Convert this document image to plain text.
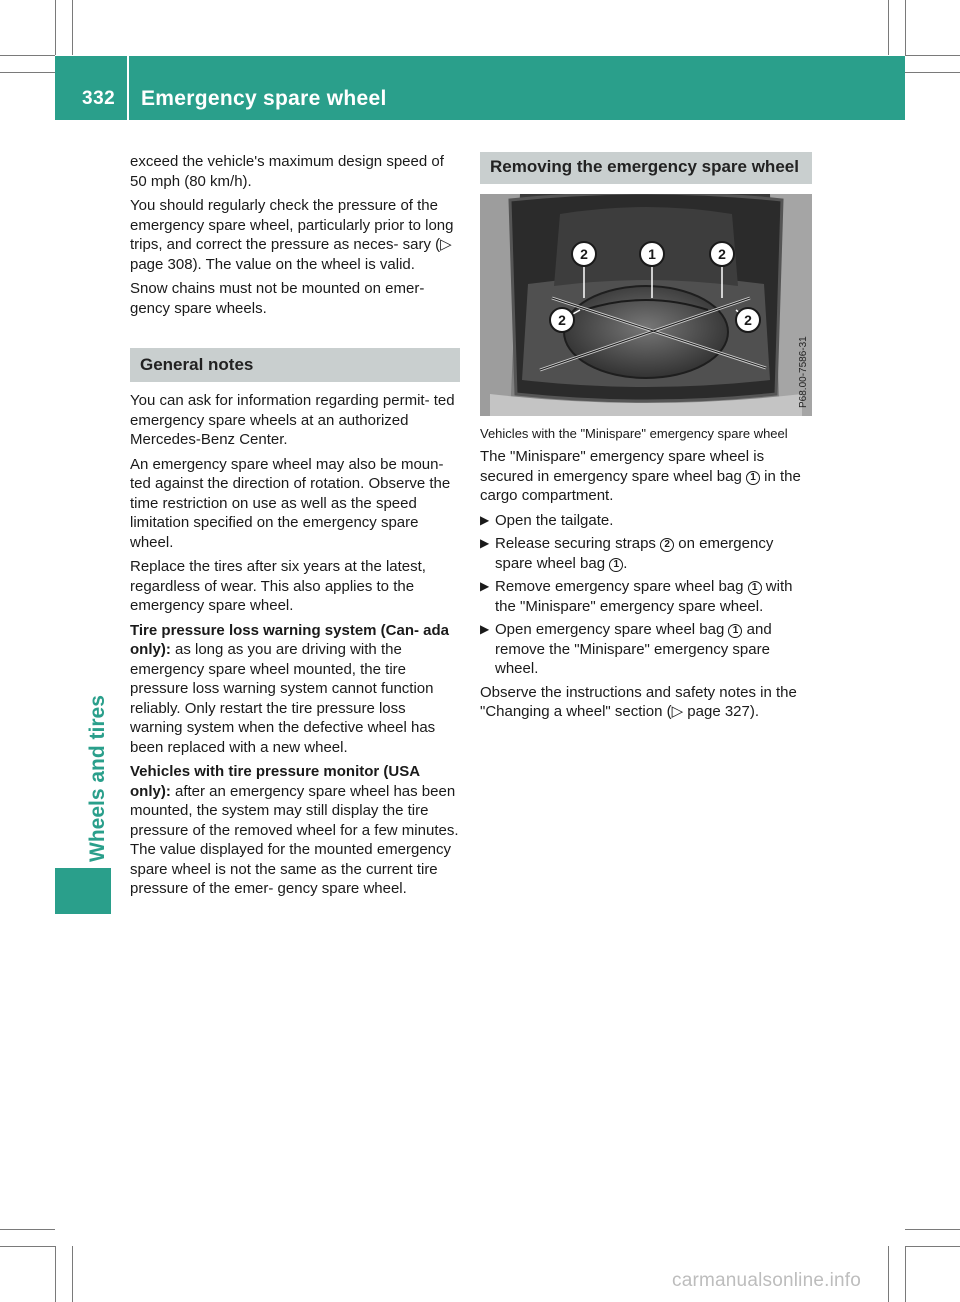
332 Emergency spare wheel
Wheels and tires

exceed the vehicle's maximum design speed of 50 mph (80 km/h).

You should regularly check the pressure of the emergency spare wheel, particularly prior to long trips, and correct the pressure as neces- sary (▷ page 308). The value on the wheel is valid.

Snow chains must not be mounted on emer- gency spare wheels.

General notes

You can ask for information regarding permit- ted emergency spare wheels at an authorized Mercedes-Benz Center.

An emergency spare wheel may also be moun- ted against the direction of rotation. Observe the time restriction on use as well as the speed limitation specified on the emergency spare wheel.

Replace the tires after six years at the latest, regardless of wear. This also applies to the emergency spare wheel.

Tire pressure loss warning system (Can- ada only): as long as you are driving with the emergency spare wheel mounted, the tire pressure loss warning system cannot function reliably. Only restart the tire pressure loss warning system when the defective wheel has been replaced with a new wheel.

Vehicles with tire pressure monitor (USA only): after an emergency spare wheel has been mounted, the system may still display the tire pressure of the removed wheel for a few minutes. The value displayed for the mounted emergency spare wheel is not the same as the current tire pressure of the emer- gency spare wheel.

Removing the emergency spare wheel
2	1	2
2	2
P68.00-7586-31

Vehicles with the "Minispare" emergency spare wheel

The "Minispare" emergency spare wheel is secured in emergency spare wheel bag 1 in the cargo compartment.

▶ Open the tailgate.
▶ Release securing straps 2 on emergency spare wheel bag 1 .
▶ Remove emergency spare wheel bag 1 with the "Minispare" emergency spare wheel.
▶ Open emergency spare wheel bag 1 and remove the "Minispare" emergency spare wheel.

Observe the instructions and safety notes in the "Changing a wheel" section (▷ page 327).

carmanualsonline.info
